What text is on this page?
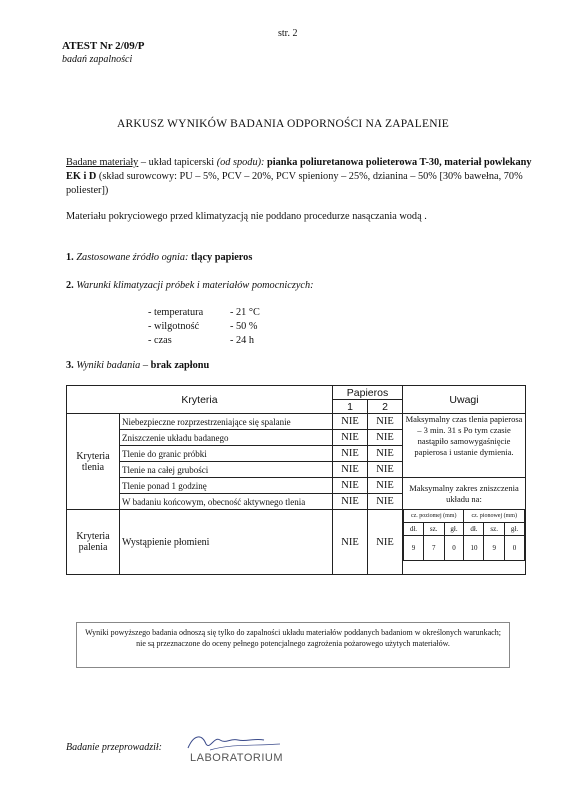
str. 2
ATEST Nr 2/09/P
badań zapalności
ARKUSZ WYNIKÓW BADANIA ODPORNOŚCI NA ZAPALENIE
Badane materiały – układ tapicerski (od spodu): pianka poliuretanowa polieterowa T-30, materiał powlekany EK i D (skład surowcowy: PU – 5%, PCV – 20%, PCV spieniony – 25%, dzianina – 50% [30% bawełna, 70% poliester])
Materiału pokryciowego przed klimatyzacją nie poddano procedurze nasączania wodą .
1. Zastosowane źródło ognia: tlący papieros
2. Warunki klimatyzacji próbek i materiałów pomocniczych:
- temperatura	- 21 °C
- wilgotność	- 50 %
- czas	- 24 h
3. Wyniki badania – brak zapłonu
Kryteria	Papieros	Uwagi
1	2
Kryteria tlenia	Niebezpieczne rozprzestrzeniające się spalanie	NIE	NIE	Maksymalny czas tlenia papierosa – 3 min. 31 s Po tym czasie nastąpiło samowygaśnięcie papierosa i ustanie dymienia.
Zniszczenie układu badanego	NIE	NIE
Tlenie do granic próbki	NIE	NIE
Tlenie na całej grubości	NIE	NIE
Tlenie ponad 1 godzinę	NIE	NIE	Maksymalny zakres zniszczenia układu na:
W badaniu końcowym, obecność aktywnego tlenia	NIE	NIE
Kryteria palenia	Wystąpienie płomieni	NIE	NIE	
cz. poziomej (mm)	cz. pionowej (mm)
dł.	sz.	gł.	dł.	sz.	gł.
9	7	0	10	9	0
Wyniki powyższego badania odnoszą się tylko do zapalności układu materiałów poddanych badaniom w określonych warunkach; nie są przeznaczone do oceny pełnego potencjalnego zagrożenia pożarowego użytych materiałów.
Badanie przeprowadził:
LABORATORIUM
